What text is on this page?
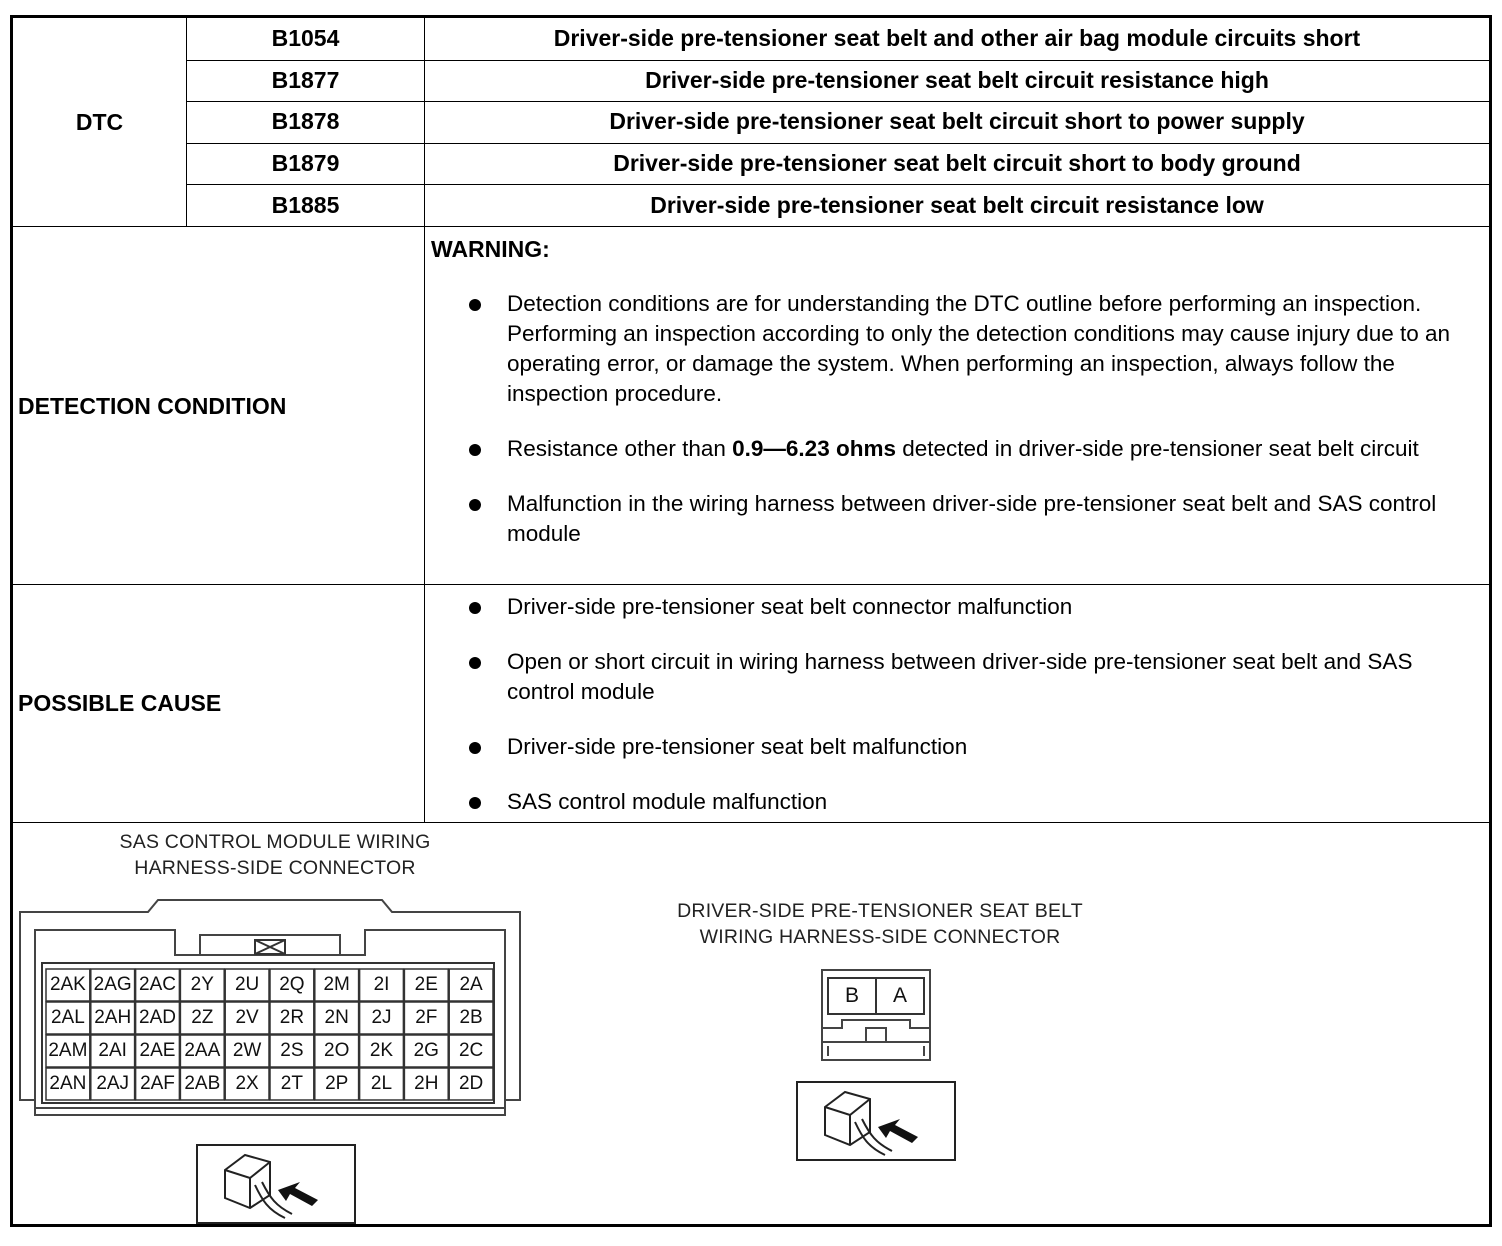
DTC
B1054	Driver-side pre-tensioner seat belt and other air bag module circuits short
B1877	Driver-side pre-tensioner seat belt circuit resistance high
B1878	Driver-side pre-tensioner seat belt circuit short to power supply
B1879	Driver-side pre-tensioner seat belt circuit short to body ground
B1885	Driver-side pre-tensioner seat belt circuit resistance low
DETECTION CONDITION
WARNING:
Detection conditions are for understanding the DTC outline before performing an inspection. Performing an inspection according to only the detection conditions may cause injury due to an operating error, or damage the system. When performing an inspection, always follow the inspection procedure.
Resistance other than 0.9—6.23 ohms detected in driver-side pre-tensioner seat belt circuit
Malfunction in the wiring harness between driver-side pre-tensioner seat belt and SAS control module
POSSIBLE CAUSE
Driver-side pre-tensioner seat belt connector malfunction
Open or short circuit in wiring harness between driver-side pre-tensioner seat belt and SAS control module
Driver-side pre-tensioner seat belt malfunction
SAS control module malfunction
SAS CONTROL MODULE WIRING
HARNESS-SIDE CONNECTOR
2AK 2AG 2AC 2Y	2U	2Q 2M	2I	2E	2A
2AL 2AH 2AD 2Z	2V	2R	2N	2J	2F	2B
2AM 2AI 2AE 2AA 2W 2S	2O	2K	2G	2C
2AN 2AJ 2AF 2AB 2X	2T	2P	2L	2H	2D
DRIVER-SIDE PRE-TENSIONER SEAT BELT
WIRING HARNESS-SIDE CONNECTOR
B	A
